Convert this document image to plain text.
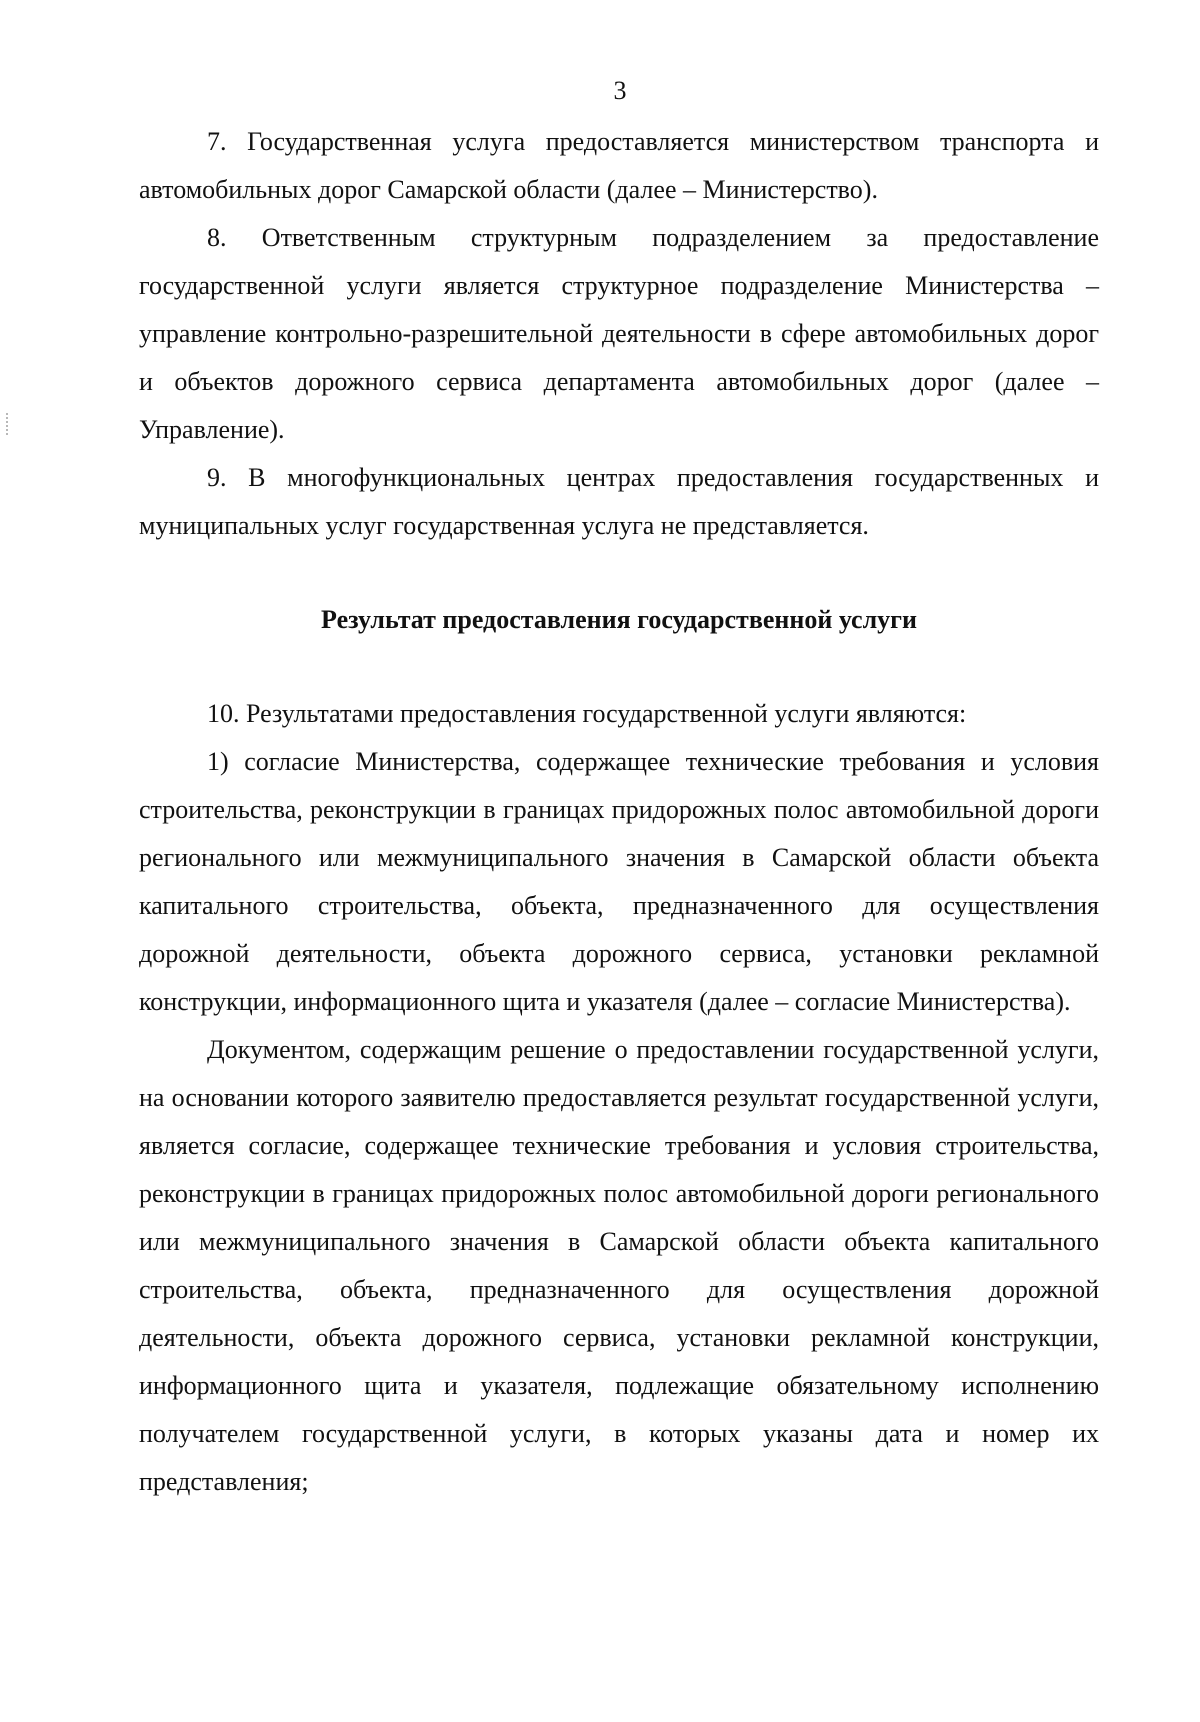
3

7. Государственная услуга предоставляется министерством транспорта и автомобильных дорог Самарской области (далее – Министерство).

8. Ответственным структурным подразделением за предоставление государственной услуги является структурное подразделение Министерства – управление контрольно-разрешительной деятельности в сфере автомобильных дорог и объектов дорожного сервиса департамента автомобильных дорог (далее – Управление).

9. В многофункциональных центрах предоставления государственных и муниципальных услуг государственная услуга не представляется.

Результат предоставления государственной услуги

10. Результатами предоставления государственной услуги являются:

1) согласие Министерства, содержащее технические требования и условия строительства, реконструкции в границах придорожных полос автомобильной дороги регионального или межмуниципального значения в Самарской области объекта капитального строительства, объекта, предназначенного для осуществления дорожной деятельности, объекта дорожного сервиса, установки рекламной конструкции, информационного щита и указателя (далее – согласие Министерства).

Документом, содержащим решение о предоставлении государственной услуги, на основании которого заявителю предоставляется результат государственной услуги, является согласие, содержащее технические требования и условия строительства, реконструкции в границах придорожных полос автомобильной дороги регионального или межмуниципального значения в Самарской области объекта капитального строительства, объекта, предназначенного для осуществления дорожной деятельности, объекта дорожного сервиса, установки рекламной конструкции, информационного щита и указателя, подлежащие обязательному исполнению получателем государственной услуги, в которых указаны дата и номер их представления;
